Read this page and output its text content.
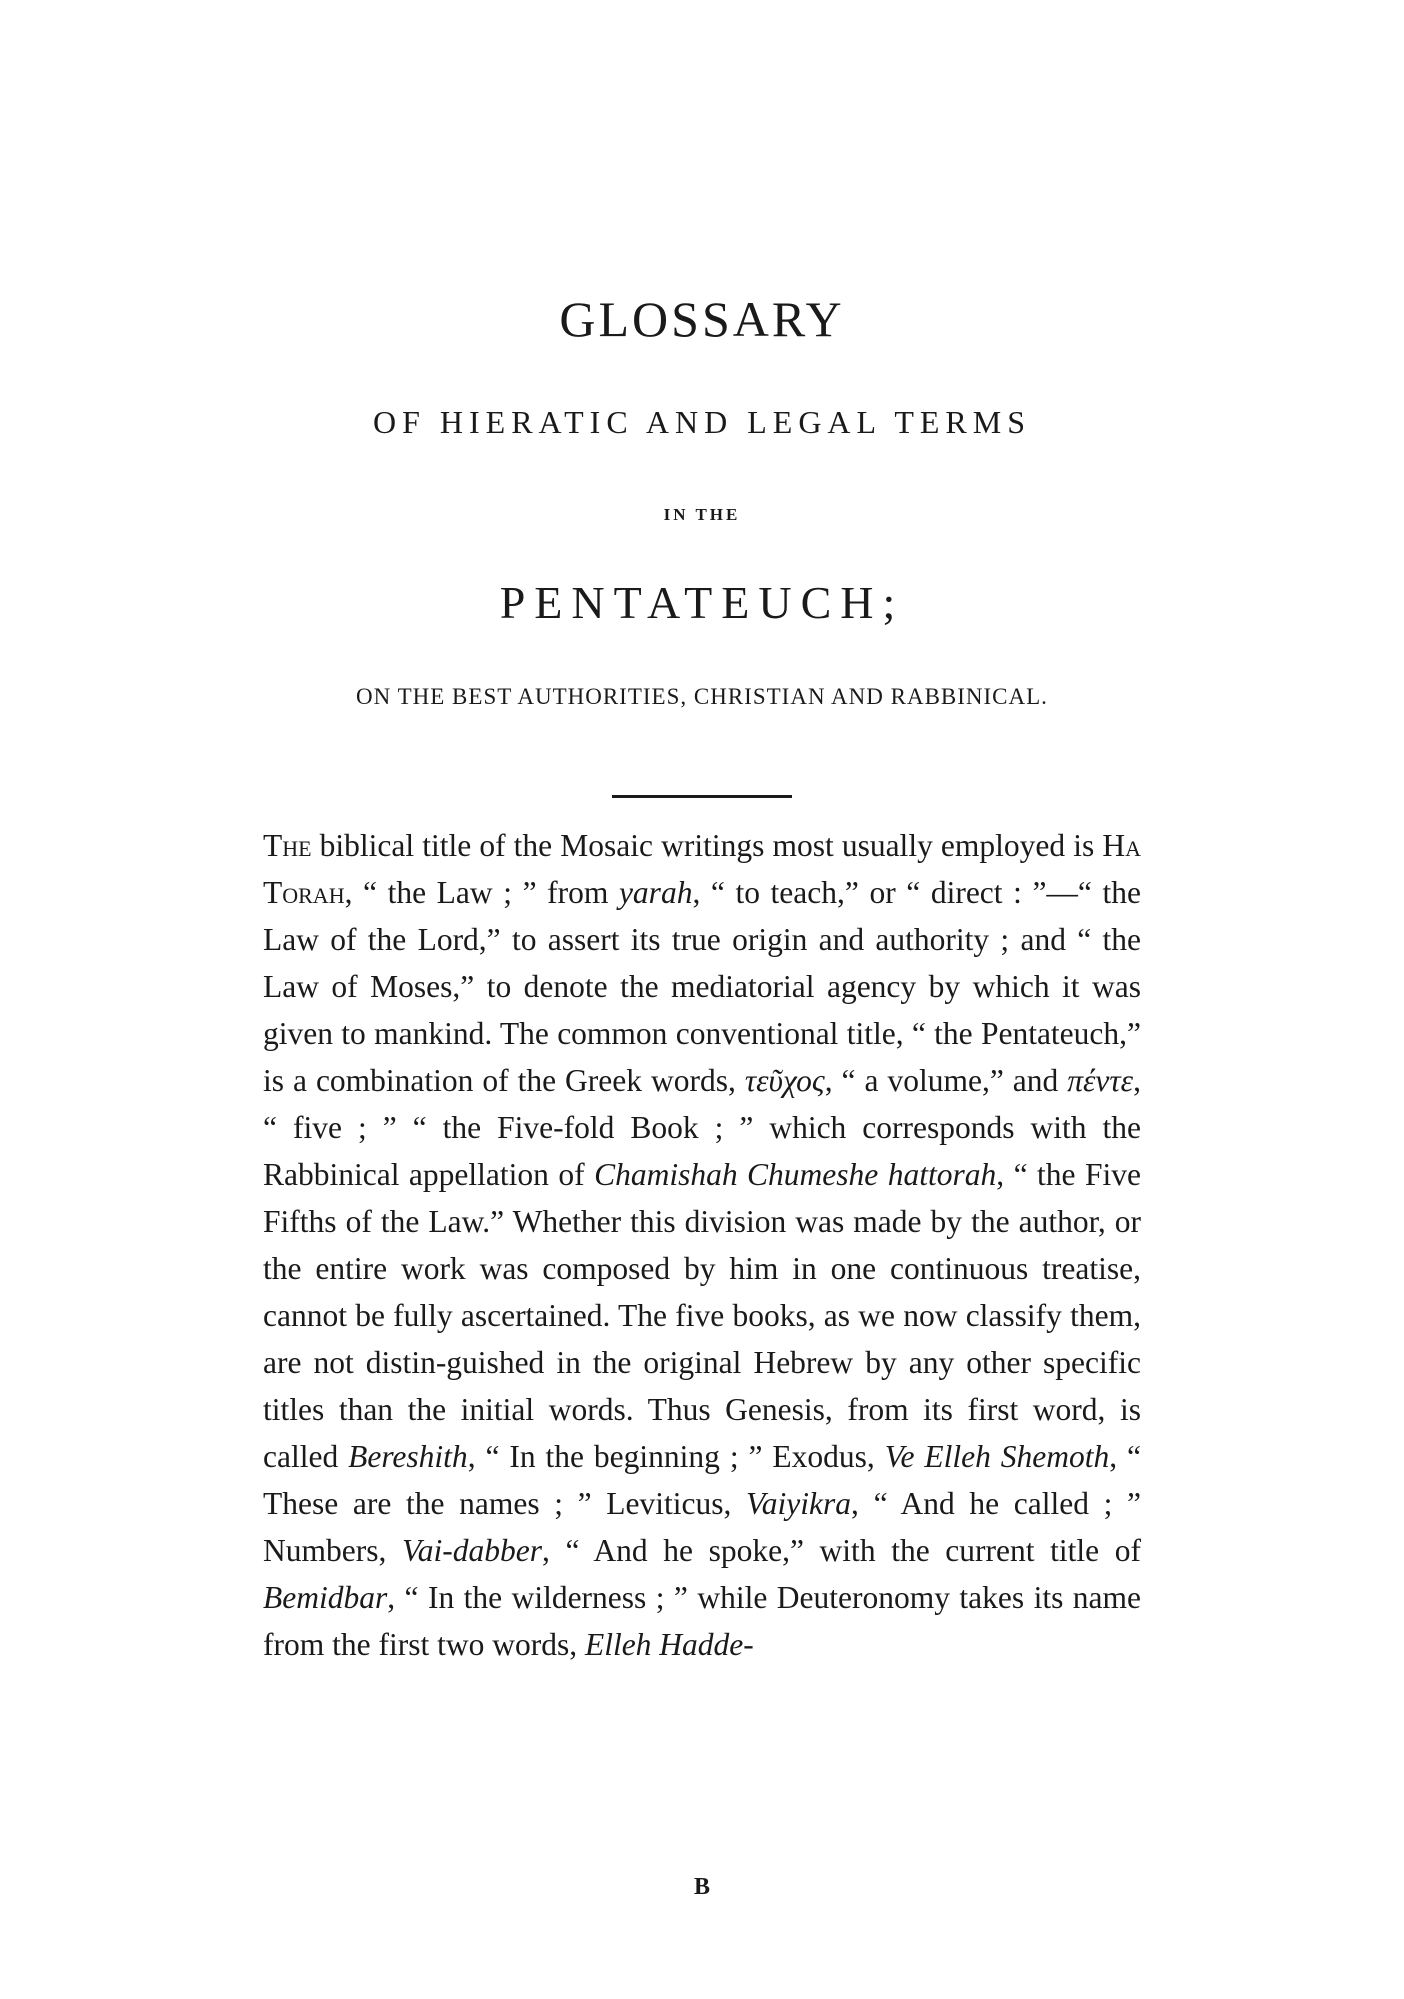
GLOSSARY
OF HIERATIC AND LEGAL TERMS
IN THE
PENTATEUCH;
ON THE BEST AUTHORITIES, CHRISTIAN AND RABBINICAL.

The biblical title of the Mosaic writings most usually employed is Ha Torah, “ the Law ; ” from yarah, “ to teach,” or “ direct : ”—“ the Law of the Lord,” to assert its true origin and authority ; and “ the Law of Moses,” to denote the mediatorial agency by which it was given to mankind. The common conventional title, “ the Pentateuch,” is a combination of the Greek words, τεῦχος, “ a volume,” and πέντε, “ five ; ” “ the Five-fold Book ; ” which corresponds with the Rabbinical appellation of Chamishah Chumeshe hattorah, “ the Five Fifths of the Law.” Whether this division was made by the author, or the entire work was composed by him in one continuous treatise, cannot be fully ascertained. The five books, as we now classify them, are not distin-guished in the original Hebrew by any other specific titles than the initial words. Thus Genesis, from its first word, is called Bereshith, “ In the beginning ; ” Exodus, Ve Elleh Shemoth, “ These are the names ; ” Leviticus, Vaiyikra, “ And he called ; ” Numbers, Vai-dabber, “ And he spoke,” with the current title of Bemidbar, “ In the wilderness ; ” while Deuteronomy takes its name from the first two words, Elleh Hadde-

B
